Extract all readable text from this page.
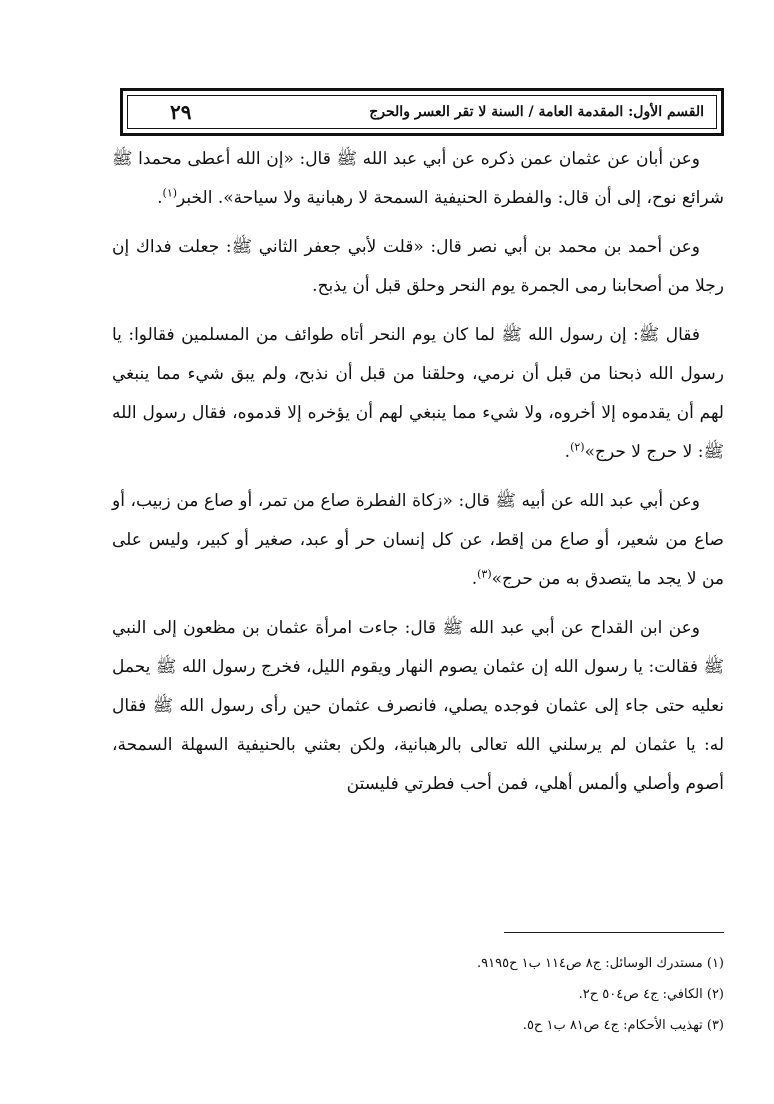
القسم الأول: المقدمة العامة / السنة لا تقر العسر والحرج
٢٩

وعن أبان عن عثمان عمن ذكره عن أبي عبد الله ﷺ قال: «إن الله أعطى محمدا ﷺ شرائع نوح، إلى أن قال: والفطرة الحنيفية السمحة لا رهبانية ولا سياحة». الخبر$^{(١)}$.

وعن أحمد بن محمد بن أبي نصر قال: «قلت لأبي جعفر الثاني ﷺ: جعلت فداك إن رجلا من أصحابنا رمى الجمرة يوم النحر وحلق قبل أن يذبح.

فقال ﷺ: إن رسول الله ﷺ لما كان يوم النحر أتاه طوائف من المسلمين فقالوا: يا رسول الله ذبحنا من قبل أن نرمي، وحلقنا من قبل أن نذبح، ولم يبق شيء مما ينبغي لهم أن يقدموه إلا أخروه، ولا شيء مما ينبغي لهم أن يؤخره إلا قدموه، فقال رسول الله ﷺ: لا حرج لا حرج»$^{(٢)}$.

وعن أبي عبد الله عن أبيه ﷺ قال: «زكاة الفطرة صاع من تمر، أو صاع من زبيب، أو صاع من شعير، أو صاع من إقط، عن كل إنسان حر أو عبد، صغير أو كبير، وليس على من لا يجد ما يتصدق به من حرج»$^{(٣)}$.

وعن ابن القداح عن أبي عبد الله ﷺ قال: جاءت امرأة عثمان بن مظعون إلى النبي ﷺ فقالت: يا رسول الله إن عثمان يصوم النهار ويقوم الليل، فخرج رسول الله ﷺ يحمل نعليه حتى جاء إلى عثمان فوجده يصلي، فانصرف عثمان حين رأى رسول الله ﷺ فقال له: يا عثمان لم يرسلني الله تعالى بالرهبانية، ولكن بعثني بالحنيفية السهلة السمحة، أصوم وأصلي وألمس أهلي، فمن أحب فطرتي فليستن

(١) مستدرك الوسائل: ج٨ ص١١٤ ب١ ح٩١٩٥.
(٢) الكافي: ج٤ ص٥٠٤ ح٢.
(٣) تهذيب الأحكام: ج٤ ص٨١ ب١ ح٥.
